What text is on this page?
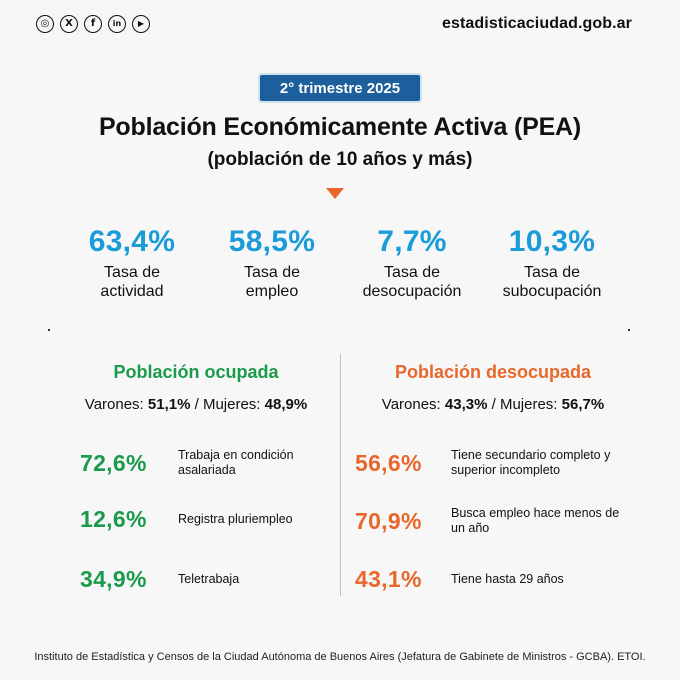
◎	X	f	in	▶	estadisticaciudad.gob.ar
2° trimestre 2025
Población Económicamente Activa (PEA)
(población de 10 años y más)
63,4%
Tasa de
actividad
58,5%
Tasa de
empleo
7,7%
Tasa de
desocupación
10,3%
Tasa de
subocupación
Población ocupada
Varones: 51,1% / Mujeres: 48,9%
72,6%	Trabaja en condición asalariada
12,6%	Registra pluriempleo
34,9%	Teletrabaja
Población desocupada
Varones: 43,3% / Mujeres: 56,7%
56,6%	Tiene secundario completo y superior incompleto
70,9%	Busca empleo hace menos de un año
43,1%	Tiene hasta 29 años
Instituto de Estadística y Censos de la Ciudad Autónoma de Buenos Aires (Jefatura de Gabinete de Ministros - GCBA). ETOI.
